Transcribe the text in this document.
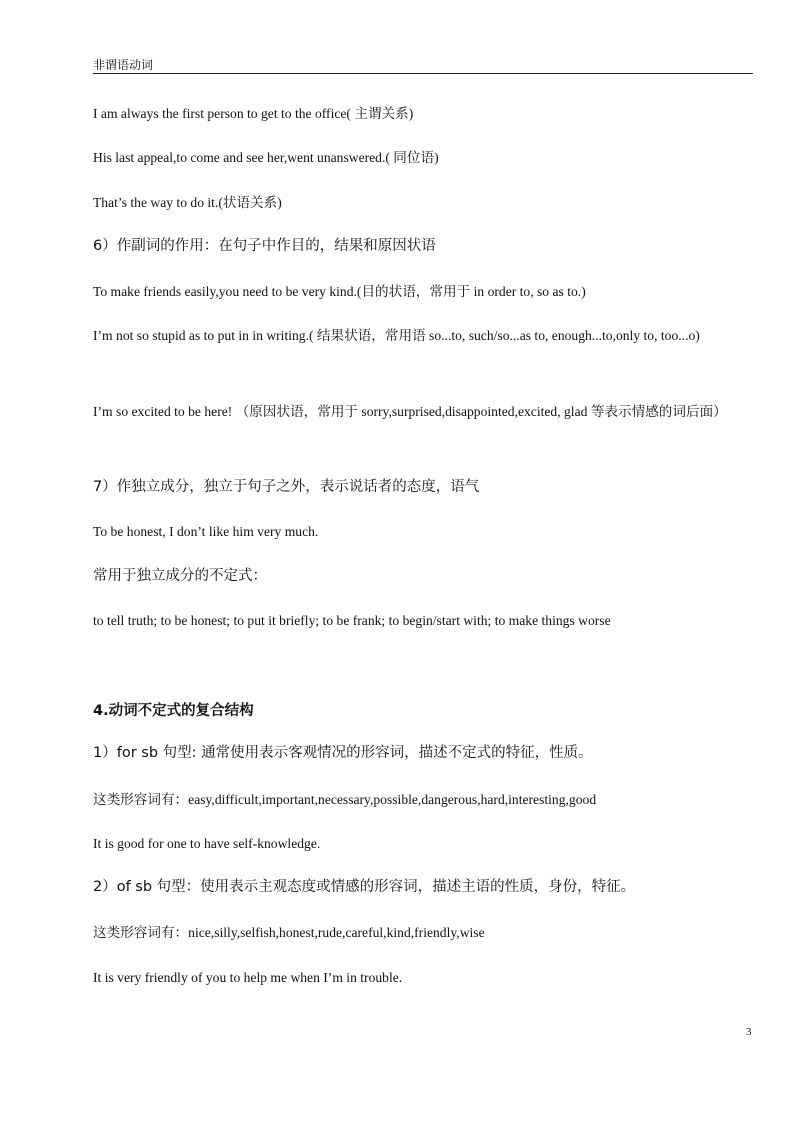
非谓语动词
I am always the first person to get to the office( 主谓关系)
His last appeal,to come and see her,went unanswered.( 同位语)
That’s the way to do it.(状语关系)
6）作副词的作用：在句子中作目的，结果和原因状语
To make friends easily,you need to be very kind.(目的状语，常用于 in order to, so as to.)
I’m not so stupid as to put in in writing.( 结果状语，常用语 so...to, such/so...as to, enough...to,only to, too...o)
I’m so excited to be here! （原因状语，常用于 sorry,surprised,disappointed,excited, glad 等表示情感的词后面）
7）作独立成分，独立于句子之外，表示说话者的态度，语气
To be honest, I don’t like him very much.
常用于独立成分的不定式：
to tell truth; to be honest; to put it briefly; to be frank; to begin/start with; to make things worse
4.动词不定式的复合结构
1）for sb 句型: 通常使用表示客观情况的形容词，描述不定式的特征，性质。
这类形容词有：easy,difficult,important,necessary,possible,dangerous,hard,interesting,good
It is good for one to have self-knowledge.
2）of sb 句型：使用表示主观态度或情感的形容词，描述主语的性质，身份，特征。
这类形容词有：nice,silly,selfish,honest,rude,careful,kind,friendly,wise
It is very friendly of you to help me when I’m in trouble.
3
